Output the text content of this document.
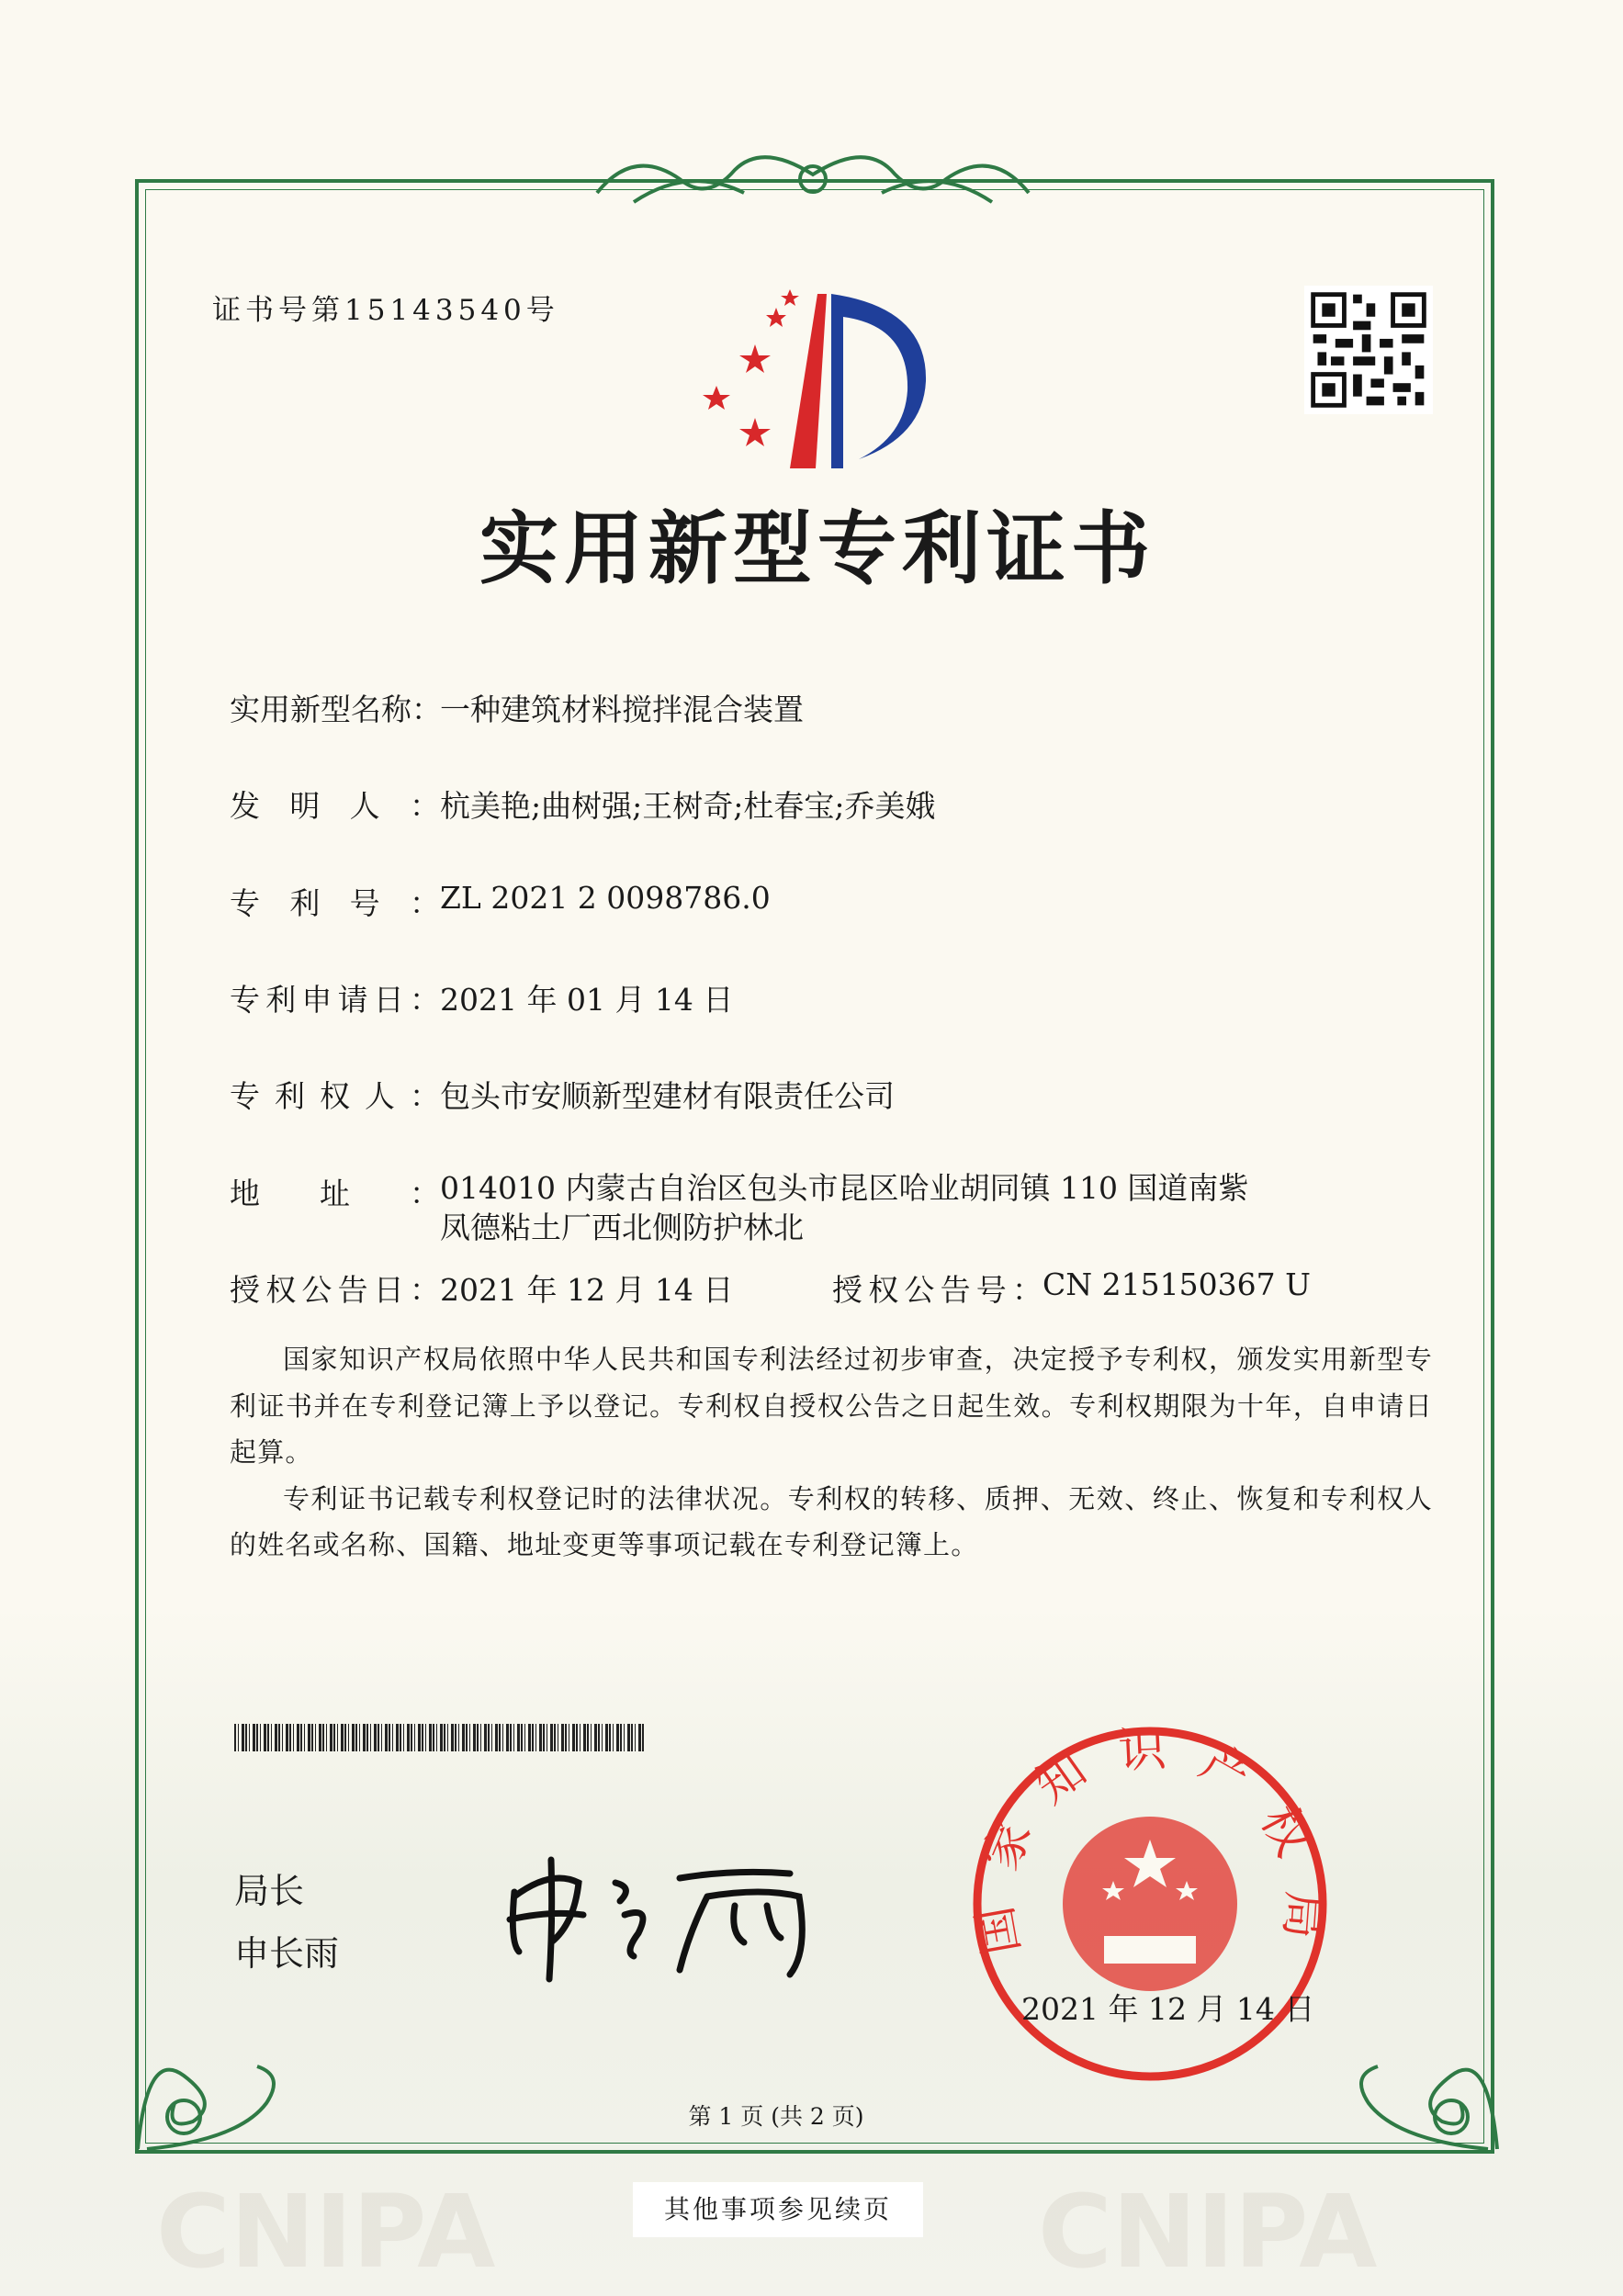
CNIPA	CNIPA
证书号第15143540号
实用新型专利证书
实用新型名称：一种建筑材料搅拌混合装置
发明人：杭美艳;曲树强;王树奇;杜春宝;乔美娥
专利号：ZL 2021 2 0098786.0
专利申请日：2021 年 01 月 14 日
专利权人：包头市安顺新型建材有限责任公司
地址：014010 内蒙古自治区包头市昆区哈业胡同镇 110 国道南紫
凤德粘土厂西北侧防护林北
授权公告日：2021 年 12 月 14 日	授权公告号：CN 215150367 U

国家知识产权局依照中华人民共和国专利法经过初步审查，决定授予专利权，颁发实用新型专利证书并在专利登记簿上予以登记。专利权自授权公告之日起生效。专利权期限为十年，自申请日起算。

专利证书记载专利权登记时的法律状况。专利权的转移、质押、无效、终止、恢复和专利权人的姓名或名称、国籍、地址变更等事项记载在专利登记簿上。

局长
申长雨	国家知识产权局
2021 年 12 月 14 日
第 1 页 (共 2 页)
其他事项参见续页
